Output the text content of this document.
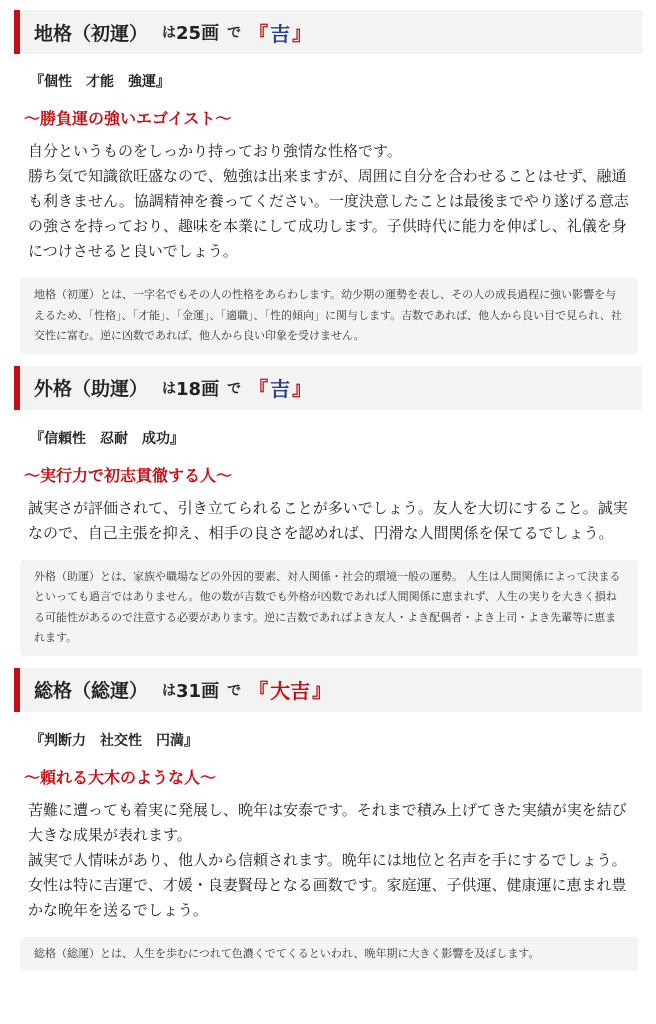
地格（初運） は 25画 で 『 吉 』
『個性　才能　強運』
〜勝負運の強いエゴイスト〜

自分というものをしっかり持っており強情な性格です。

勝ち気で知識欲旺盛なので、勉強は出来ますが、周囲に自分を合わせることはせず、融通も利きません。協調精神を養ってください。一度決意したことは最後までやり遂げる意志の強さを持っており、趣味を本業にして成功します。子供時代に能力を伸ばし、礼儀を身につけさせると良いでしょう。

地格（初運）とは、一字名でもその人の性格をあらわします。幼少期の運勢を表し、その人の成長過程に強い影響を与えるため、「性格」、「才能」、「金運」、「適職」、「性的傾向」に関与します。吉数であれば、他人から良い目で見られ、社交性に富む。逆に凶数であれば、他人から良い印象を受けません。
外格（助運） は 18画 で 『 吉 』
『信頼性　忍耐　成功』
〜実行力で初志貫徹する人〜

誠実さが評価されて、引き立てられることが多いでしょう。友人を大切にすること。誠実なので、自己主張を抑え、相手の良さを認めれば、円滑な人間関係を保てるでしょう。

外格（助運）とは、家族や職場などの外因的要素、対人関係・社会的環境一般の運勢。 人生は人間関係によって決まるといっても過言ではありません。他の数が吉数でも外格が凶数であれば人間関係に恵まれず、人生の実りを大きく損ねる可能性があるので注意する必要があります。逆に吉数であればよき友人・よき配偶者・よき上司・よき先輩等に恵まれます。
総格（総運） は 31画 で 『 大吉 』
『判断力　社交性　円満』
〜頼れる大木のような人〜

苦難に遭っても着実に発展し、晩年は安泰です。それまで積み上げてきた実績が実を結び大きな成果が表れます。

誠実で人情味があり、他人から信頼されます。晩年には地位と名声を手にするでしょう。女性は特に吉運で、才媛・良妻賢母となる画数です。家庭運、子供運、健康運に恵まれ豊かな晩年を送るでしょう。

総格（総運）とは、人生を歩むにつれて色濃くでてくるといわれ、晩年期に大きく影響を及ぼします。
